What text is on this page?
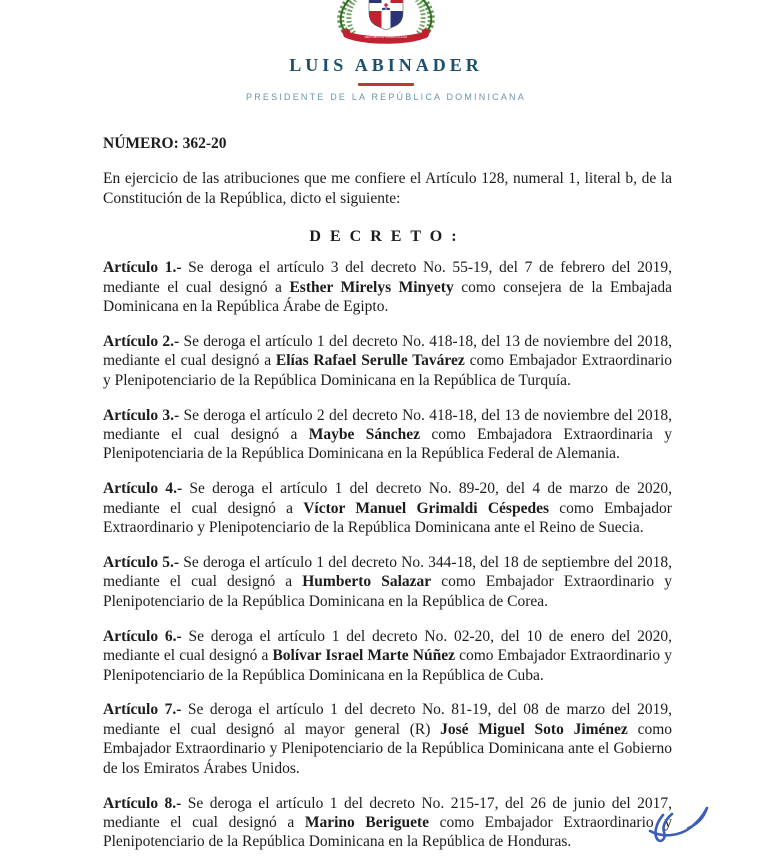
REPÚBLICA DOMINICANA
LUIS ABINADER
PRESIDENTE DE LA REPÚBLICA DOMINICANA
NÚMERO: 362-20

En ejercicio de las atribuciones que me confiere el Artículo 128, numeral 1, literal b, de la Constitución de la República, dicto el siguiente:

DECRETO:

Artículo 1.- Se deroga el artículo 3 del decreto No. 55-19, del 7 de febrero del 2019, mediante el cual designó a Esther Mirelys Minyety como consejera de la Embajada Dominicana en la República Árabe de Egipto.

Artículo 2.- Se deroga el artículo 1 del decreto No. 418-18, del 13 de noviembre del 2018, mediante el cual designó a Elías Rafael Serulle Tavárez como Embajador Extraordinario y Plenipotenciario de la República Dominicana en la República de Turquía.

Artículo 3.- Se deroga el artículo 2 del decreto No. 418-18, del 13 de noviembre del 2018, mediante el cual designó a Maybe Sánchez como Embajadora Extraordinaria y Plenipotenciaria de la República Dominicana en la República Federal de Alemania.

Artículo 4.- Se deroga el artículo 1 del decreto No. 89-20, del 4 de marzo de 2020, mediante el cual designó a Víctor Manuel Grimaldi Céspedes como Embajador Extraordinario y Plenipotenciario de la República Dominicana ante el Reino de Suecia.

Artículo 5.- Se deroga el artículo 1 del decreto No. 344-18, del 18 de septiembre del 2018, mediante el cual designó a Humberto Salazar como Embajador Extraordinario y Plenipotenciario de la República Dominicana en la República de Corea.

Artículo 6.- Se deroga el artículo 1 del decreto No. 02-20, del 10 de enero del 2020, mediante el cual designó a Bolívar Israel Marte Núñez como Embajador Extraordinario y Plenipotenciario de la República Dominicana en la República de Cuba.

Artículo 7.- Se deroga el artículo 1 del decreto No. 81-19, del 08 de marzo del 2019, mediante el cual designó al mayor general (R) José Miguel Soto Jiménez como Embajador Extraordinario y Plenipotenciario de la República Dominicana ante el Gobierno de los Emiratos Árabes Unidos.

Artículo 8.- Se deroga el artículo 1 del decreto No. 215-17, del 26 de junio del 2017, mediante el cual designó a Marino Beriguete como Embajador Extraordinario y Plenipotenciario de la República Dominicana en la República de Honduras.
